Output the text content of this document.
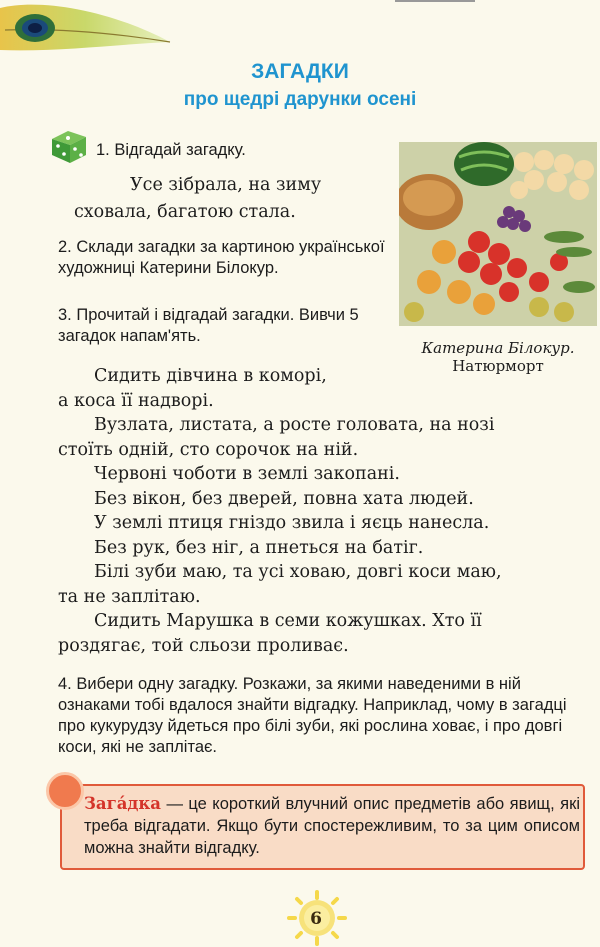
ЗАГАДКИ
про щедрі дарунки осені
1. Відгадай загадку.
Усе зібрала, на зиму сховала, багатою стала.
2. Склади загадки за картиною української художниці Катерини Білокур.
3. Прочитай і відгадай загадки. Вивчи 5 загадок напам'ять.
Катерина Білокур.
Натюрморт
Сидить дівчина в коморі,
а коса її надворі.
Вузлата, листата, а росте головата, на нозі
стоїть одній, сто сорочок на ній.
Червоні чоботи в землі закопані.
Без вікон, без дверей, повна хата людей.
У землі птиця гніздо звила і яєць нанесла.
Без рук, без ніг, а пнеться на батіг.
Білі зуби маю, та усі ховаю, довгі коси маю,
та не заплітаю.
Сидить Марушка в семи кожушках. Хто її
роздягає, той сльози проливає.
4. Вибери одну загадку. Розкажи, за якими наведеними в ній ознаками тобі вдалося знайти відгадку. Наприклад, чому в загадці про кукурудзу йдеться про білі зуби, які рослина ховає, і про довгі коси, які не заплітає.
Зага́дка — це короткий влучний опис предметів або явищ, які треба відгадати. Якщо бути спостережливим, то за цим описом можна знайти відгадку.
6
